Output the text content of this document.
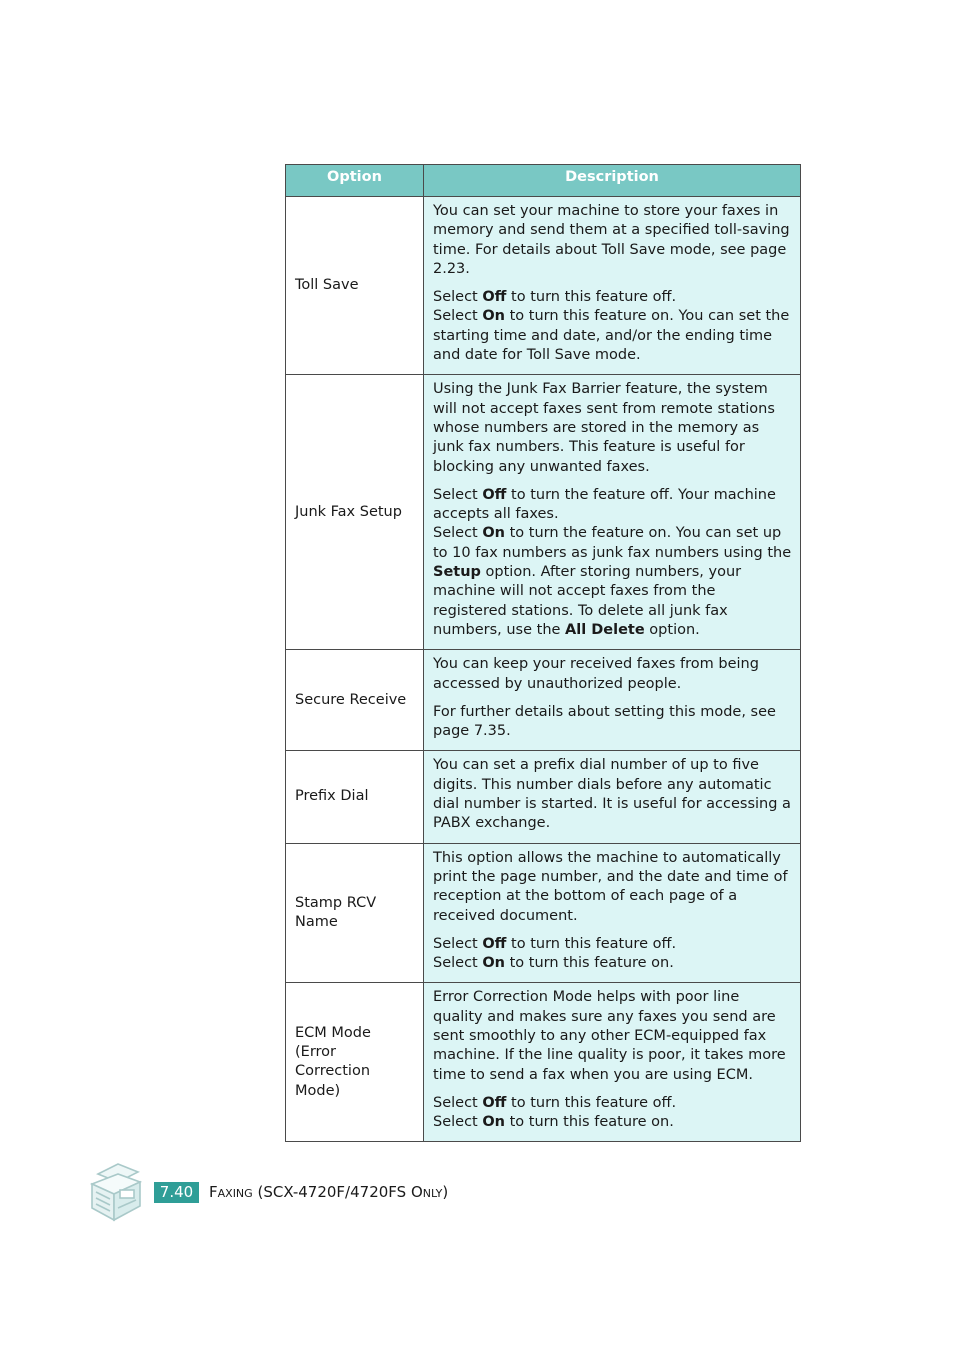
Option	Description
Toll Save	You can set your machine to store your faxes in memory and send them at a specified toll-saving time. For details about Toll Save mode, see page 2.23.

Select Off to turn this feature off.
Select On to turn this feature on. You can set the starting time and date, and/or the ending time and date for Toll Save mode.

Junk Fax Setup	Using the Junk Fax Barrier feature, the system will not accept faxes sent from remote stations whose numbers are stored in the memory as junk fax numbers. This feature is useful for blocking any unwanted faxes.

Select Off to turn the feature off. Your machine accepts all faxes.
Select On to turn the feature on. You can set up to 10 fax numbers as junk fax numbers using the Setup option. After storing numbers, your machine will not accept faxes from the registered stations. To delete all junk fax numbers, use the All Delete option.

Secure Receive	You can keep your received faxes from being accessed by unauthorized people.

For further details about setting this mode, see page 7.35.

Prefix Dial	You can set a prefix dial number of up to five digits. This number dials before any automatic dial number is started. It is useful for accessing a PABX exchange.

Stamp RCV Name	This option allows the machine to automatically print the page number, and the date and time of reception at the bottom of each page of a received document.

Select Off to turn this feature off.
Select On to turn this feature on.

ECM Mode (Error Correction Mode)	Error Correction Mode helps with poor line quality and makes sure any faxes you send are sent smoothly to any other ECM-equipped fax machine. If the line quality is poor, it takes more time to send a fax when you are using ECM.

Select Off to turn this feature off.
Select On to turn this feature on.

7.40	Faxing (SCX-4720F/4720FS Only)
